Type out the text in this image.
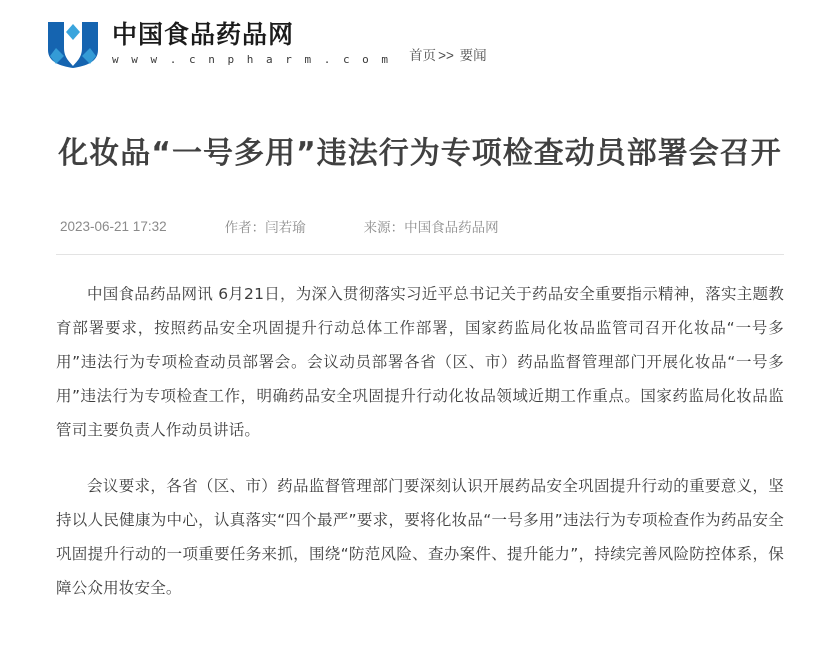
中国食品药品网
w w w . c n p h a r m . c o m 首页 >> 要闻
化妆品“一号多用”违法行为专项检查动员部署会召开
2023-06-21 17:32	作者：闫若瑜	来源：中国食品药品网

中国食品药品网讯 6月21日，为深入贯彻落实习近平总书记关于药品安全重要指示精神，落实主题教育部署要求，按照药品安全巩固提升行动总体工作部署，国家药监局化妆品监管司召开化妆品“一号多用”违法行为专项检查动员部署会。会议动员部署各省（区、市）药品监督管理部门开展化妆品“一号多用”违法行为专项检查工作，明确药品安全巩固提升行动化妆品领域近期工作重点。国家药监局化妆品监管司主要负责人作动员讲话。

会议要求，各省（区、市）药品监督管理部门要深刻认识开展药品安全巩固提升行动的重要意义，坚持以人民健康为中心，认真落实“四个最严”要求，要将化妆品“一号多用”违法行为专项检查作为药品安全巩固提升行动的一项重要任务来抓，围绕“防范风险、查办案件、提升能力”，持续完善风险防控体系，保障公众用妆安全。
